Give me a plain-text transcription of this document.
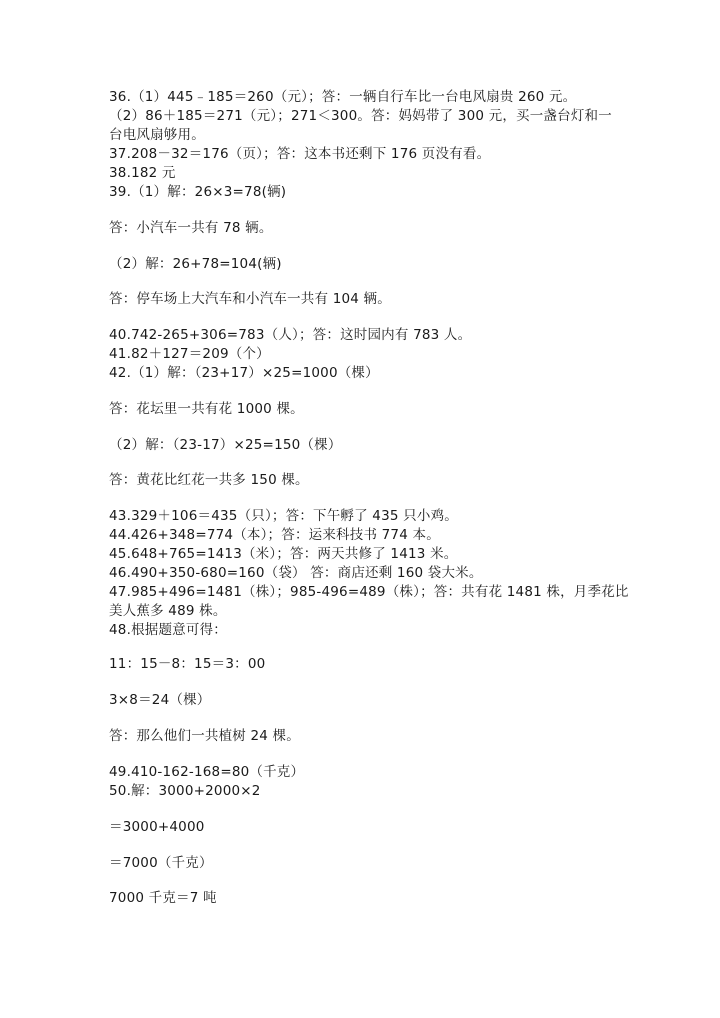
36.（1）445﹣185＝260（元）；答：一辆自行车比一台电风扇贵 260 元。
（2）86＋185＝271（元）；271＜300。答：妈妈带了 300 元，买一盏台灯和一
台电风扇够用。
37.208－32＝176（页）；答：这本书还剩下 176 页没有看。
38.182 元
39.（1）解：26×3=78(辆)
答：小汽车一共有 78 辆。
（2）解：26+78=104(辆)
答：停车场上大汽车和小汽车一共有 104 辆。
40.742-265+306=783（人）；答：这时园内有 783 人。
41.82＋127＝209（个）
42.（1）解：（23+17）×25=1000（棵）
答：花坛里一共有花 1000 棵。
（2）解：（23-17）×25=150（棵）
答：黄花比红花一共多 150 棵。
43.329＋106＝435（只）；答：下午孵了 435 只小鸡。
44.426+348=774（本）；答：运来科技书 774 本。
45.648+765=1413（米）；答：两天共修了 1413 米。
46.490+350-680=160（袋） 答：商店还剩 160 袋大米。
47.985+496=1481（株）；985-496=489（株）；答：共有花 1481 株，月季花比
美人蕉多 489 株。
48.根据题意可得：
11：15－8：15＝3：00
3×8＝24（棵）
答：那么他们一共植树 24 棵。
49.410-162-168=80（千克）
50.解：3000+2000×2
＝3000+4000
＝7000（千克）
7000 千克＝7 吨
